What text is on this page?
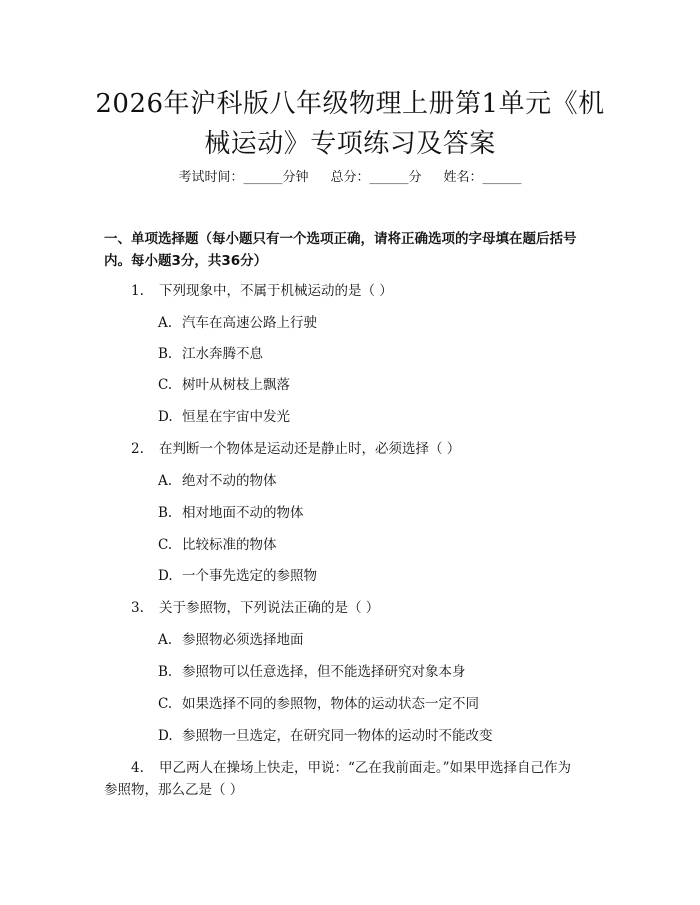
2026年沪科版八年级物理上册第1单元《机
械运动》专项练习及答案
考试时间：______分钟 总分：______分 姓名：______
一、单项选择题（每小题只有一个选项正确，请将正确选项的字母填在题后括号
内。每小题3分，共36分）
1. 下列现象中，不属于机械运动的是（ ）
A. 汽车在高速公路上行驶
B. 江水奔腾不息
C. 树叶从树枝上飘落
D. 恒星在宇宙中发光
2. 在判断一个物体是运动还是静止时，必须选择（ ）
A. 绝对不动的物体
B. 相对地面不动的物体
C. 比较标准的物体
D. 一个事先选定的参照物
3. 关于参照物，下列说法正确的是（ ）
A. 参照物必须选择地面
B. 参照物可以任意选择，但不能选择研究对象本身
C. 如果选择不同的参照物，物体的运动状态一定不同
D. 参照物一旦选定，在研究同一物体的运动时不能改变
4. 甲乙两人在操场上快走，甲说：“乙在我前面走。”如果甲选择自己作为
参照物，那么乙是（ ）
